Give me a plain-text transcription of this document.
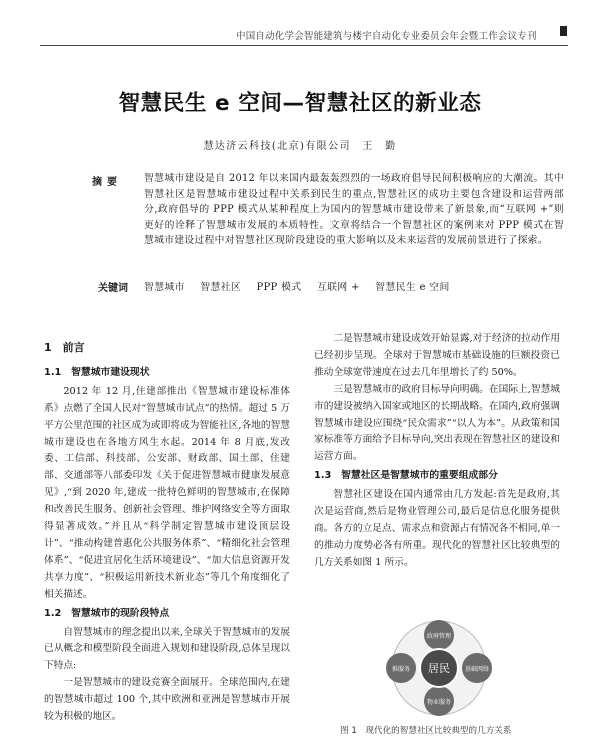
中国自动化学会智能建筑与楼宇自动化专业委员会年会暨工作会议专刊
智慧民生 e 空间—智慧社区的新业态
慧达济云科技(北京)有限公司　王　勤
摘要 智慧城市建设是自 2012 年以来国内最轰轰烈烈的一场政府倡导民间积极响应的大潮流。其中智慧社区是智慧城市建设过程中关系到民生的重点,智慧社区的成功主要包含建设和运营两部分,政府倡导的 PPP 模式从某种程度上为国内的智慧城市建设带来了新景象,而“互联网 +”则更好的诠释了智慧城市发展的本质特性。文章将结合一个智慧社区的案例来对 PPP 模式在智慧城市建设过程中对智慧社区现阶段建设的重大影响以及未来运营的发展前景进行了探索。

关键词 智慧城市 智慧社区 PPP 模式 互联网 + 智慧民生 e 空间
1　前言
1.1　智慧城市建设现状

2012 年 12 月,住建部推出《智慧城市建设标准体系》点燃了全国人民对“智慧城市试点”的热情。超过 5 万平方公里范围的社区成为或即将成为智能社区,各地的智慧城市建设也在各地方风生水起。2014 年 8 月底,发改委、工信部、科技部、公安部、财政部、国土部、住建部、交通部等八部委印发《关于促进智慧城市健康发展意见》,“到 2020 年,建成一批特色鲜明的智慧城市,在保障和改善民生服务、创新社会管理、维护网络安全等方面取得显著成效。”并且从“科学制定智慧城市建设顶层设计”、“推动构建普惠化公共服务体系”、“精细化社会管理体系”、“促进宜居化生活环境建设”、“加大信息资源开发共享力度”、“积极运用新技术新业态”等几个角度细化了相关描述。

1.2　智慧城市的现阶段特点

自智慧城市的理念提出以来,全球关于智慧城市的发展已从概念和模型阶段全面进入规划和建设阶段,总体呈现以下特点:

一是智慧城市的建设竞赛全面展开。全球范围内,在建的智慧城市超过 100 个,其中欧洲和亚洲是智慧城市开展较为积极的地区。

二是智慧城市建设成效开始显露,对于经济的拉动作用已经初步呈现。全球对于智慧城市基础设施的巨额投资已推动全球宽带速度在过去几年里增长了约 50%。

三是智慧城市的政府目标导向明确。在国际上,智慧城市的建设被纳入国家或地区的长期战略。在国内,政府强调智慧城市建设应围绕“民众需求”“以人为本”。从政策和国家标准等方面给予目标导向,突出表现在智慧社区的建设和运营方面。

1.3　智慧社区是智慧城市的重要组成部分

智慧社区建设在国内通常由几方发起:首先是政府,其次是运营商,然后是物业管理公司,最后是信息化服务提供商。各方的立足点、需求点和资源占有情况各不相同,单一的推动力度势必各有所重。现代化的智慧社区比较典型的几方关系如图 1 所示。

居民
政府管理
推服务	基础网络
物业服务
图 1　现代化的智慧社区比较典型的几方关系
